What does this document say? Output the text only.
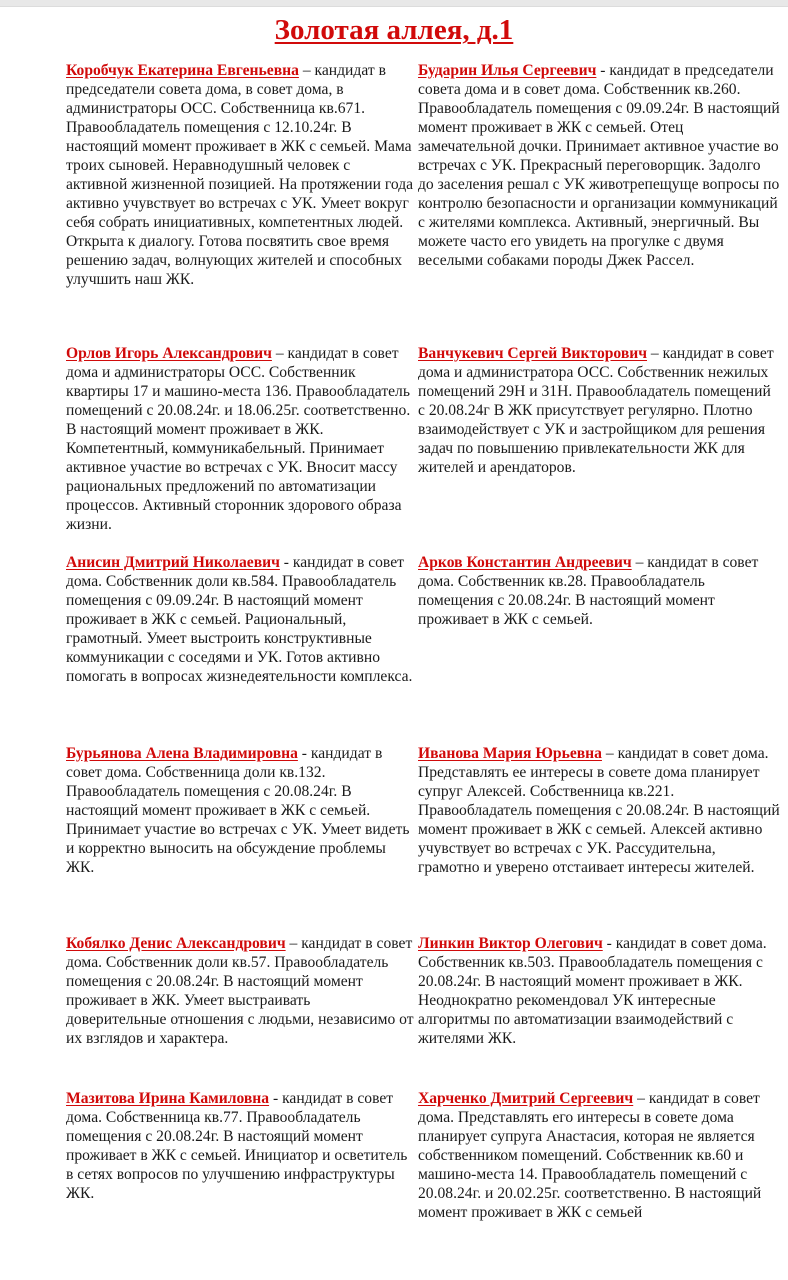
Золотая аллея, д.1
Коробчук Екатерина Евгеньевна – кандидат в председатели совета дома, в совет дома, в администраторы ОСС. Собственница кв.671. Правообладатель помещения с 12.10.24г. В настоящий момент проживает в ЖК с семьей. Мама троих сыновей. Неравнодушный человек с активной жизненной позицией. На протяжении года активно учувствует во встречах с УК. Умеет вокруг себя собрать инициативных, компетентных людей. Открыта к диалогу. Готова посвятить свое время решению задач, волнующих жителей и способных улучшить наш ЖК.
Бударин Илья Сергеевич - кандидат в председатели совета дома и в совет дома. Собственник кв.260. Правообладатель помещения с 09.09.24г. В настоящий момент проживает в ЖК с семьей. Отец замечательной дочки. Принимает активное участие во встречах с УК. Прекрасный переговорщик. Задолго до заселения решал с УК животрепещуще вопросы по контролю безопасности и организации коммуникаций с жителями комплекса. Активный, энергичный. Вы можете часто его увидеть на прогулке с двумя веселыми собаками породы Джек Рассел.
Орлов Игорь Александрович – кандидат в совет дома и администраторы ОСС. Собственник квартиры 17 и машино-места 136. Правообладатель помещений с 20.08.24г. и 18.06.25г. соответственно. В настоящий момент проживает в ЖК. Компетентный, коммуникабельный. Принимает активное участие во встречах с УК. Вносит массу рациональных предложений по автоматизации процессов. Активный сторонник здорового образа жизни.
Ванчукевич Сергей Викторович – кандидат в совет дома и администратора ОСС. Собственник нежилых помещений 29Н и 31Н. Правообладатель помещений с 20.08.24г В ЖК присутствует регулярно. Плотно взаимодействует с УК и застройщиком для решения задач по повышению привлекательности ЖК для жителей и арендаторов.
Анисин Дмитрий Николаевич - кандидат в совет дома. Собственник доли кв.584. Правообладатель помещения с 09.09.24г. В настоящий момент проживает в ЖК с семьей. Рациональный, грамотный. Умеет выстроить конструктивные коммуникации с соседями и УК. Готов активно помогать в вопросах жизнедеятельности комплекса.
Арков Константин Андреевич – кандидат в совет дома. Собственник кв.28. Правообладатель помещения с 20.08.24г. В настоящий момент проживает в ЖК с семьей.
Бурьянова Алена Владимировна - кандидат в совет дома. Собственница доли кв.132. Правообладатель помещения с 20.08.24г. В настоящий момент проживает в ЖК с семьей. Принимает участие во встречах с УК. Умеет видеть и корректно выносить на обсуждение проблемы ЖК.
Иванова Мария Юрьевна – кандидат в совет дома. Представлять ее интересы в совете дома планирует супруг Алексей. Собственница кв.221. Правообладатель помещения с 20.08.24г. В настоящий момент проживает в ЖК с семьей. Алексей активно учувствует во встречах с УК. Рассудительна, грамотно и уверено отстаивает интересы жителей.
Кобялко Денис Александрович – кандидат в совет дома. Собственник доли кв.57. Правообладатель помещения с 20.08.24г. В настоящий момент проживает в ЖК. Умеет выстраивать доверительные отношения с людьми, независимо от их взглядов и характера.
Линкин Виктор Олегович - кандидат в совет дома. Собственник кв.503. Правообладатель помещения с 20.08.24г. В настоящий момент проживает в ЖК. Неоднократно рекомендовал УК интересные алгоритмы по автоматизации взаимодействий с жителями ЖК.
Мазитова Ирина Камиловна - кандидат в совет дома. Собственница кв.77. Правообладатель помещения с 20.08.24г. В настоящий момент проживает в ЖК с семьей. Инициатор и осветитель в сетях вопросов по улучшению инфраструктуры ЖК.
Харченко Дмитрий Сергеевич – кандидат в совет дома. Представлять его интересы в совете дома планирует супруга Анастасия, которая не является собственником помещений. Собственник кв.60 и машино-места 14. Правообладатель помещений с 20.08.24г. и 20.02.25г. соответственно. В настоящий момент проживает в ЖК с семьей
